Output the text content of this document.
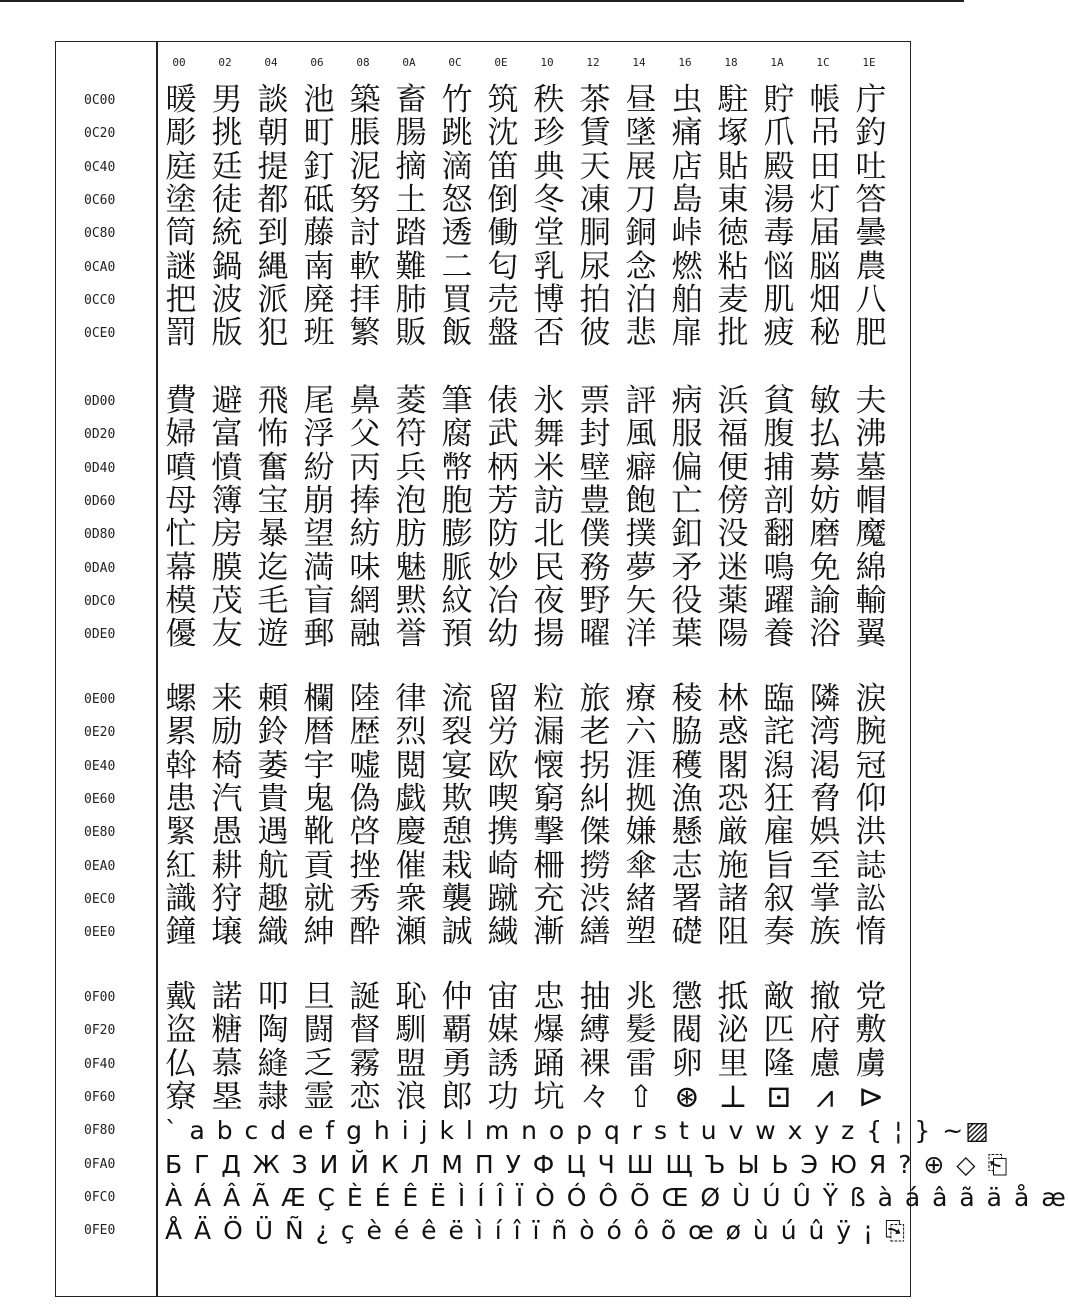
00	02	04	06	08	0A	0C	0E	10	12	14	16	18	1A	1C	1E
0C00	暖 男 談 池 築 畜 竹 筑 秩 茶 昼 虫 駐 貯 帳 庁
0C20	彫 挑 朝 町 脹 腸 跳 沈 珍 賃 墜 痛 塚 爪 吊 釣
0C40	庭 廷 提 釘 泥 摘 滴 笛 典 天 展 店 貼 殿 田 吐
0C60	塗 徒 都 砥 努 土 怒 倒 冬 凍 刀 島 東 湯 灯 答
0C80	筒 統 到 藤 討 踏 透 働 堂 胴 銅 峠 徳 毒 届 曇
0CA0	謎 鍋 縄 南 軟 難 二 匂 乳 尿 念 燃 粘 悩 脳 農
0CC0	把 波 派 廃 拝 肺 買 売 博 拍 泊 舶 麦 肌 畑 八
0CE0	罰 版 犯 班 繁 販 飯 盤 否 彼 悲 扉 批 疲 秘 肥
0D00	費 避 飛 尾 鼻 菱 筆 俵 氷 票 評 病 浜 貧 敏 夫
0D20	婦 富 怖 浮 父 符 腐 武 舞 封 風 服 福 腹 払 沸
0D40	噴 憤 奮 紛 丙 兵 幣 柄 米 壁 癖 偏 便 捕 募 墓
0D60	母 簿 宝 崩 捧 泡 胞 芳 訪 豊 飽 亡 傍 剖 妨 帽
0D80	忙 房 暴 望 紡 肪 膨 防 北 僕 撲 釦 没 翻 磨 魔
0DA0	幕 膜 迄 満 味 魅 脈 妙 民 務 夢 矛 迷 鳴 免 綿
0DC0	模 茂 毛 盲 網 黙 紋 冶 夜 野 矢 役 薬 躍 諭 輸
0DE0	優 友 遊 郵 融 誉 預 幼 揚 曜 洋 葉 陽 養 浴 翼
0E00	螺 来 頼 欄 陸 律 流 留 粒 旅 療 稜 林 臨 隣 涙
0E20	累 励 鈴 暦 歴 烈 裂 労 漏 老 六 脇 惑 詫 湾 腕
0E40	斡 椅 萎 宇 嘘 閲 宴 欧 懐 拐 涯 穫 閣 潟 渇 冠
0E60	患 汽 貴 鬼 偽 戯 欺 喫 窮 糾 拠 漁 恐 狂 脅 仰
0E80	緊 愚 遇 靴 啓 慶 憩 携 撃 傑 嫌 懸 厳 雇 娯 洪
0EA0	紅 耕 航 貢 挫 催 栽 崎 柵 撈 傘 志 施 旨 至 誌
0EC0	識 狩 趣 就 秀 衆 襲 蹴 充 渋 緒 署 諸 叙 掌 訟
0EE0	鐘 壌 織 紳 酔 瀬 誠 繊 漸 繕 塑 礎 阻 奏 族 惰
0F00	戴 諾 叩 旦 誕 恥 仲 宙 忠 抽 兆 懲 抵 敵 撤 党
0F20	盗 糖 陶 闘 督 馴 覇 媒 爆 縛 髪 閥 泌 匹 府 敷
0F40	仏 慕 縫 乏 霧 盟 勇 誘 踊 裸 雷 卵 里 隆 慮 虜
0F60	寮 塁 隷 霊 恋 浪 郎 功 坑 々 ⇧ ⊛ ⊥ ⊡ ⩘ ⊳
0F80	` a b c d e f g h i j k l m n o p q r s t u v w x y z { ¦ } ~▨
0FA0	Б Г Д Ж З И Й К Л М П У Ф Ц Ч Ш Щ Ъ Ы Ь Э Ю Я ? ⊕ ◇ ⎗
0FC0	À Á Â Ã Æ Ç È É Ê Ë Ì Í Î Ï Ò Ó Ô Õ Œ Ø Ù Ú Û Ÿ ß à á â ã ä å æ
0FE0	Å Ä Ö Ü Ñ ¿ ç è é ê ë ì í î ï ñ ò ó ô õ œ ø ù ú û ÿ ¡ ⎘
